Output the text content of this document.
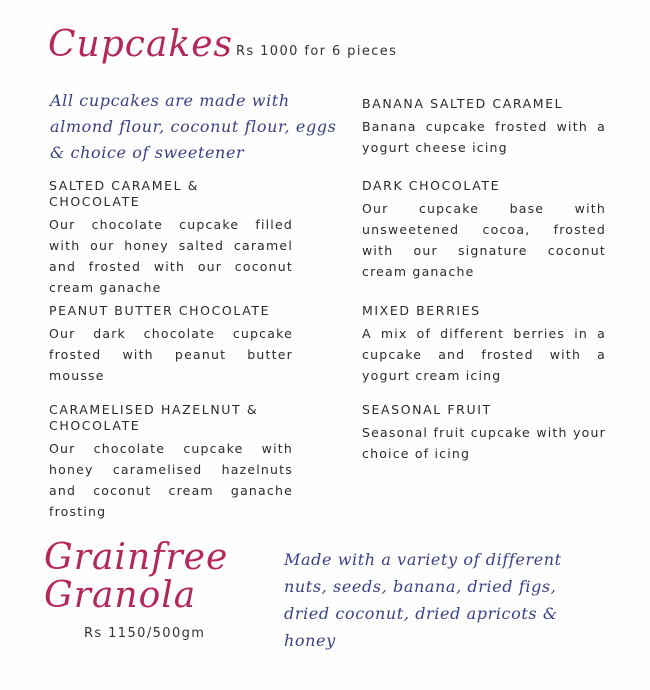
Cupcakes Rs 1000 for 6 pieces
All cupcakes are made with almond flour, coconut flour, eggs & choice of sweetener
SALTED CARAMEL & CHOCOLATE
Our chocolate cupcake filled with our honey salted caramel and frosted with our coconut cream ganache
PEANUT BUTTER CHOCOLATE
Our dark chocolate cupcake frosted with peanut butter mousse
CARAMELISED HAZELNUT & CHOCOLATE
Our chocolate cupcake with honey caramelised hazelnuts and coconut cream ganache frosting
BANANA SALTED CARAMEL
Banana cupcake frosted with a yogurt cheese icing
DARK CHOCOLATE
Our cupcake base with unsweetened cocoa, frosted with our signature coconut cream ganache
MIXED BERRIES
A mix of different berries in a cupcake and frosted with a yogurt cream icing
SEASONAL FRUIT
Seasonal fruit cupcake with your choice of icing
Grainfree
Granola
Rs 1150/500gm
Made with a variety of different nuts, seeds, banana, dried figs, dried coconut, dried apricots & honey
